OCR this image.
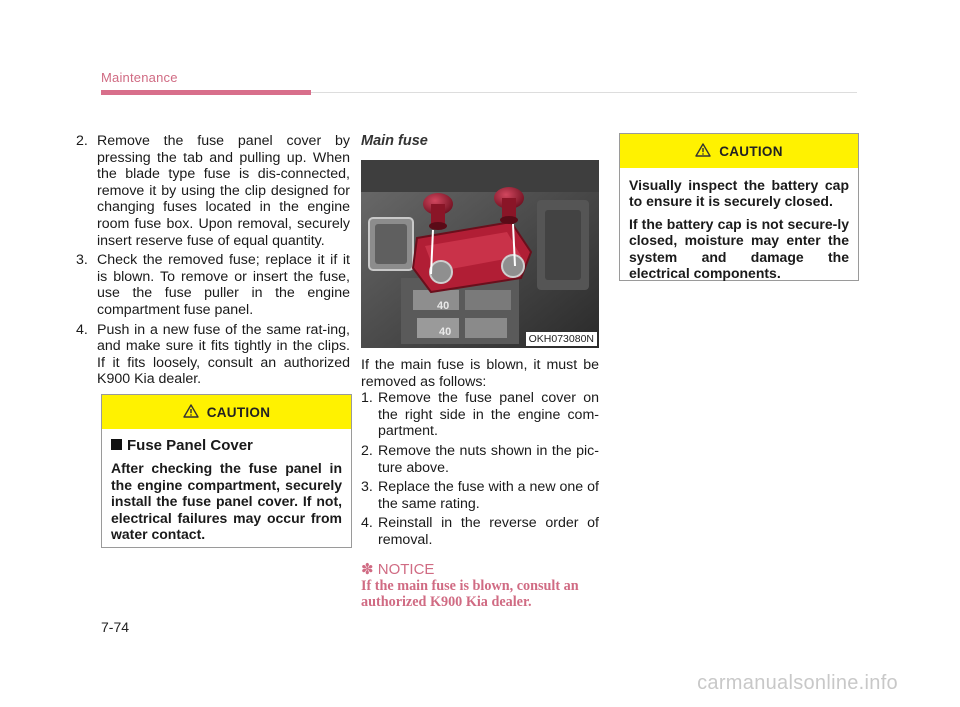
Maintenance
2. Remove the fuse panel cover by pressing the tab and pulling up. When the blade type fuse is dis-connected, remove it by using the clip designed for changing fuses located in the engine room fuse box. Upon removal, securely insert reserve fuse of equal quantity.
3. Check the removed fuse; replace it if it is blown. To remove or insert the fuse, use the fuse puller in the engine compartment fuse panel.
4. Push in a new fuse of the same rat-ing, and make sure it fits tightly in the clips. If it fits loosely, consult an authorized K900 Kia dealer.
CAUTION

Fuse Panel Cover

After checking the fuse panel in the engine compartment, securely install the fuse panel cover. If not, electrical failures may occur from water contact.

Main fuse

40
40
OKH073080N

If the main fuse is blown, it must be removed as follows:

1. Remove the fuse panel cover on the right side in the engine com-partment.
2. Remove the nuts shown in the pic-ture above.
3. Replace the fuse with a new one of the same rating.
4. Reinstall in the reverse order of removal.
✽ NOTICE
If the main fuse is blown, consult an authorized K900 Kia dealer.
CAUTION

Visually inspect the battery cap to ensure it is securely closed.

If the battery cap is not secure-ly closed, moisture may enter the system and damage the electrical components.

7-74
carmanualsonline.info
